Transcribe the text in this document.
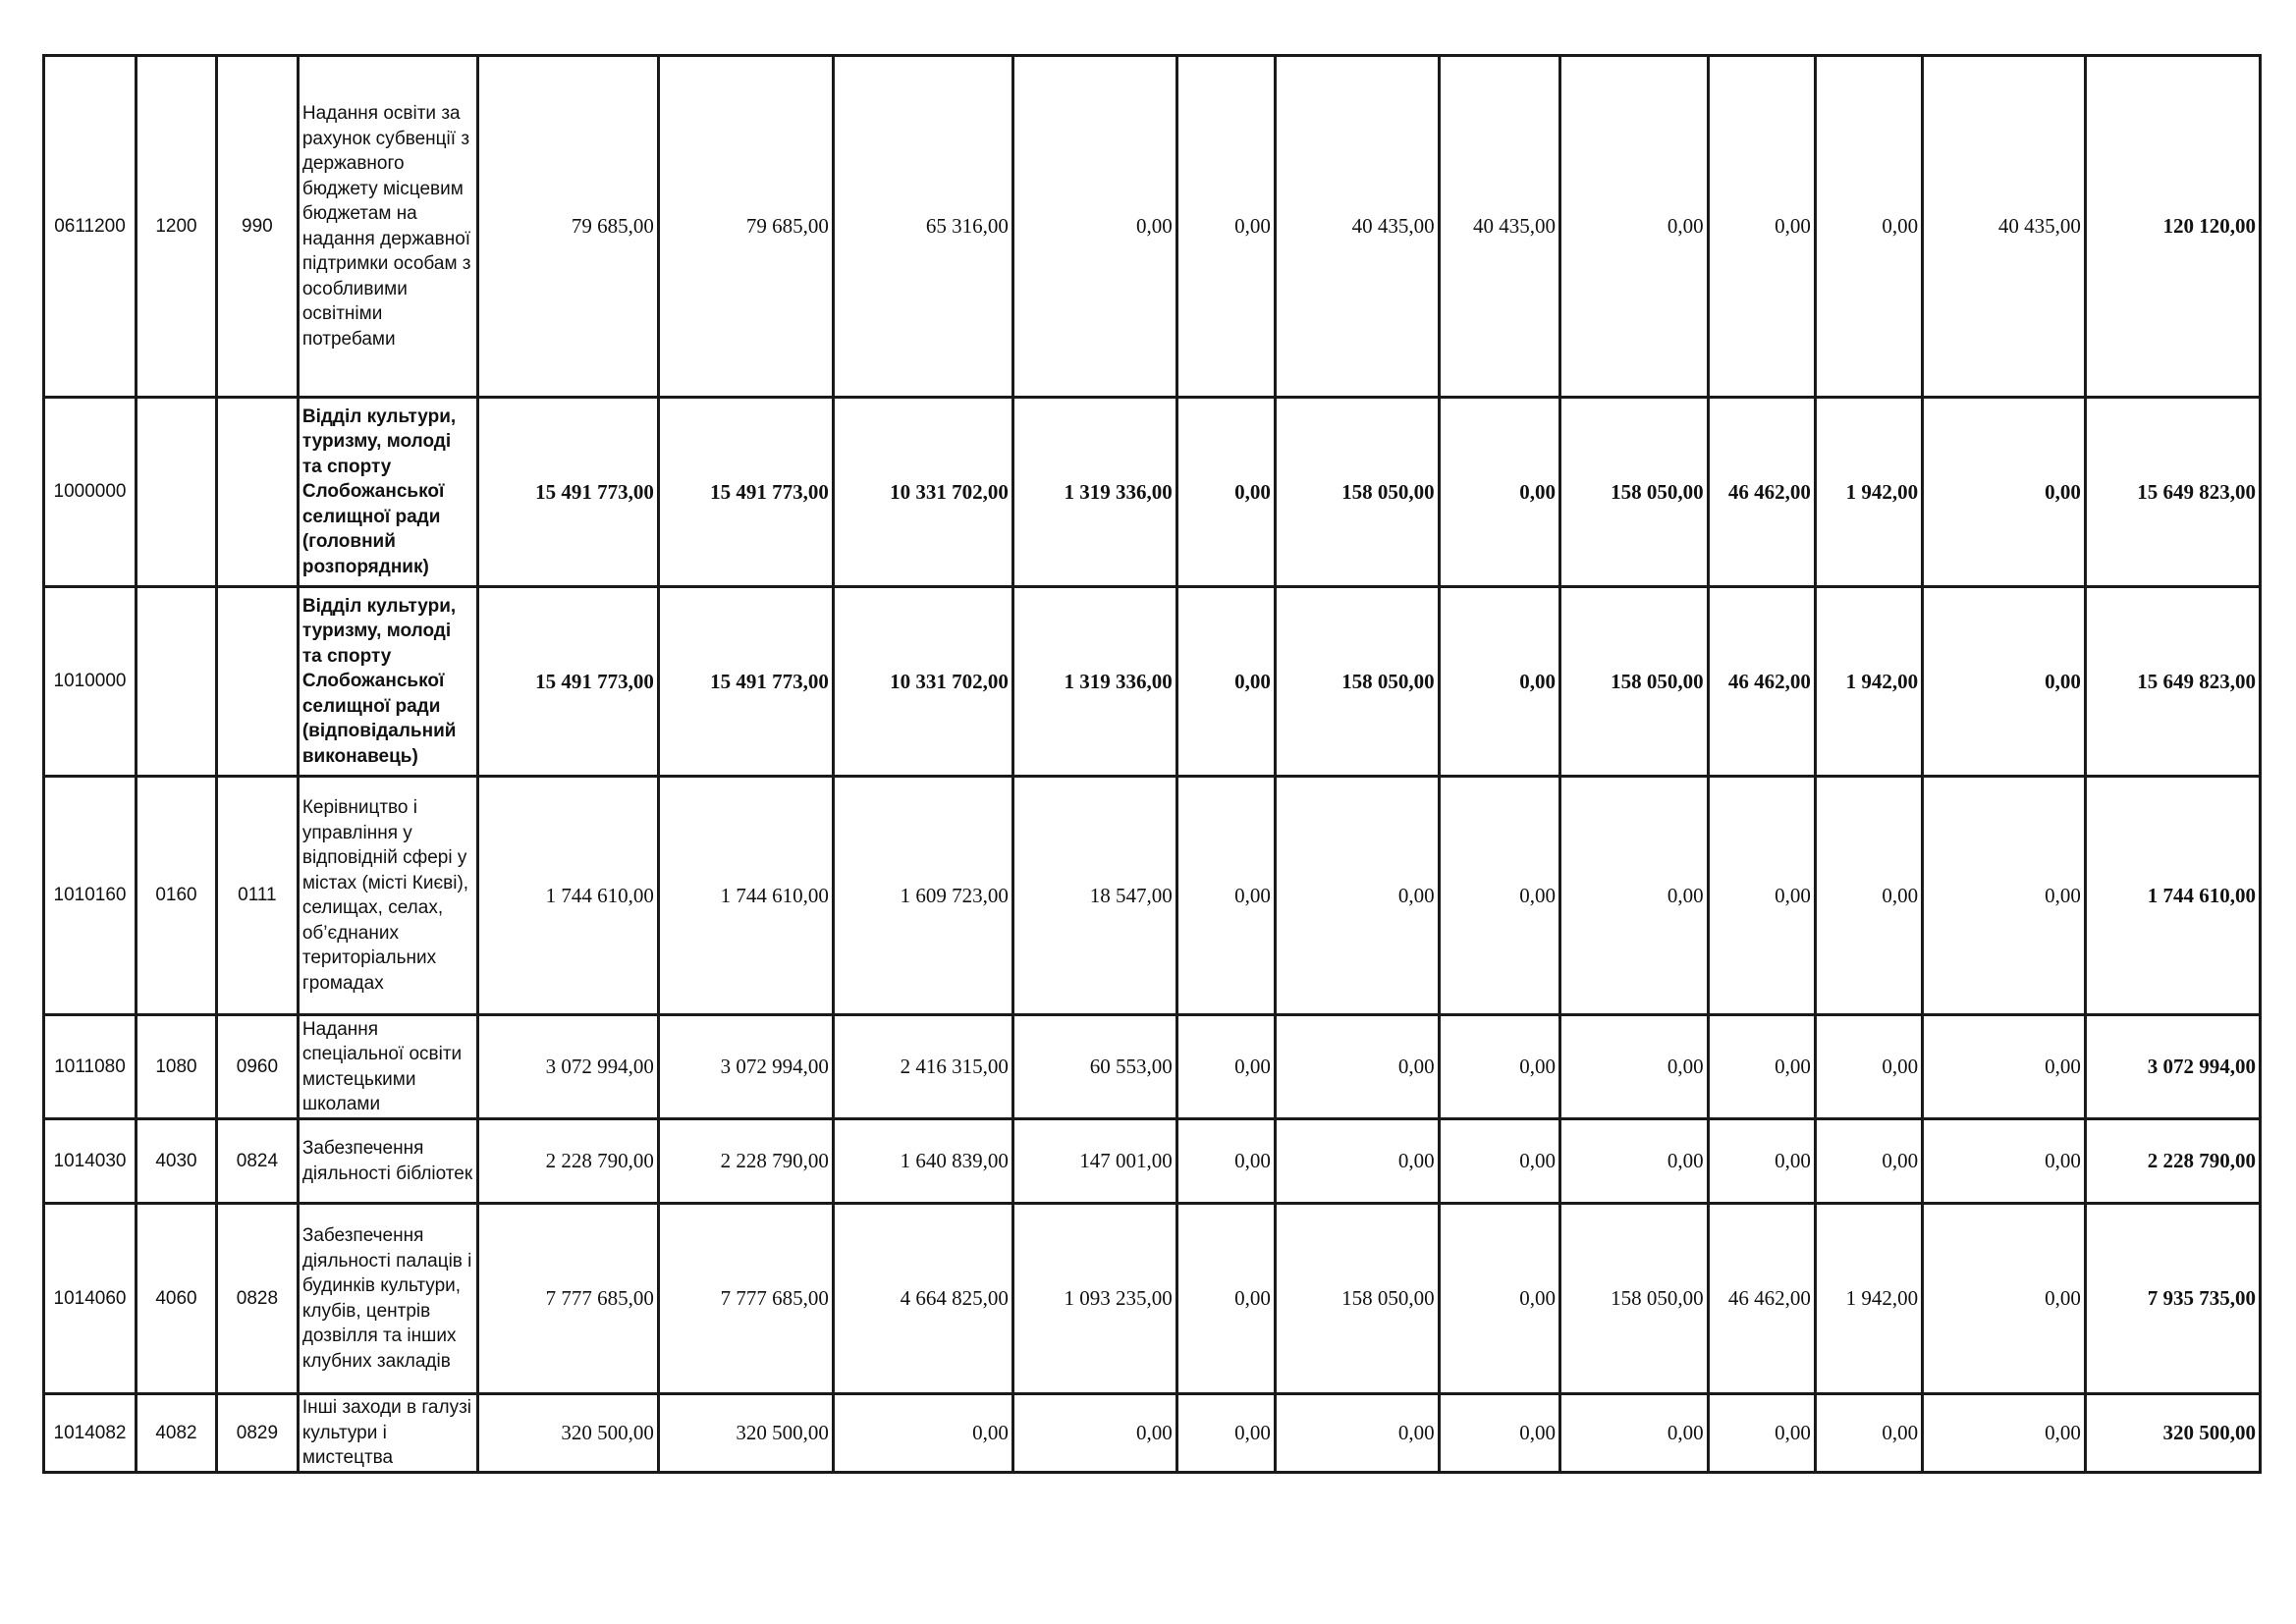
0611200	1200	990	Надання освіти за рахунок субвенції з державного бюджету місцевим бюджетам на надання державної підтримки особам з особливими освітніми потребами	79 685,00	79 685,00	65 316,00	0,00	0,00	40 435,00	40 435,00	0,00	0,00	0,00	40 435,00	120 120,00
1000000			Відділ культури, туризму, молоді та спорту Слобожанської селищної ради (головний розпорядник)	15 491 773,00	15 491 773,00	10 331 702,00	1 319 336,00	0,00	158 050,00	0,00	158 050,00	46 462,00	1 942,00	0,00	15 649 823,00
1010000			Відділ культури, туризму, молоді та спорту Слобожанської селищної ради (відповідальний виконавець)	15 491 773,00	15 491 773,00	10 331 702,00	1 319 336,00	0,00	158 050,00	0,00	158 050,00	46 462,00	1 942,00	0,00	15 649 823,00
1010160	0160	0111	Керівництво і управління у відповідній сфері у містах (місті Києві), селищах, селах, об’єднаних територіальних громадах	1 744 610,00	1 744 610,00	1 609 723,00	18 547,00	0,00	0,00	0,00	0,00	0,00	0,00	0,00	1 744 610,00
1011080	1080	0960	Надання спеціальної освіти мистецькими школами	3 072 994,00	3 072 994,00	2 416 315,00	60 553,00	0,00	0,00	0,00	0,00	0,00	0,00	0,00	3 072 994,00
1014030	4030	0824	Забезпечення діяльності бібліотек	2 228 790,00	2 228 790,00	1 640 839,00	147 001,00	0,00	0,00	0,00	0,00	0,00	0,00	0,00	2 228 790,00
1014060	4060	0828	Забезпечення діяльності палаців і будинків культури, клубів, центрів дозвілля та інших клубних закладів	7 777 685,00	7 777 685,00	4 664 825,00	1 093 235,00	0,00	158 050,00	0,00	158 050,00	46 462,00	1 942,00	0,00	7 935 735,00
1014082	4082	0829	Інші заходи в галузі культури і мистецтва	320 500,00	320 500,00	0,00	0,00	0,00	0,00	0,00	0,00	0,00	0,00	0,00	320 500,00
